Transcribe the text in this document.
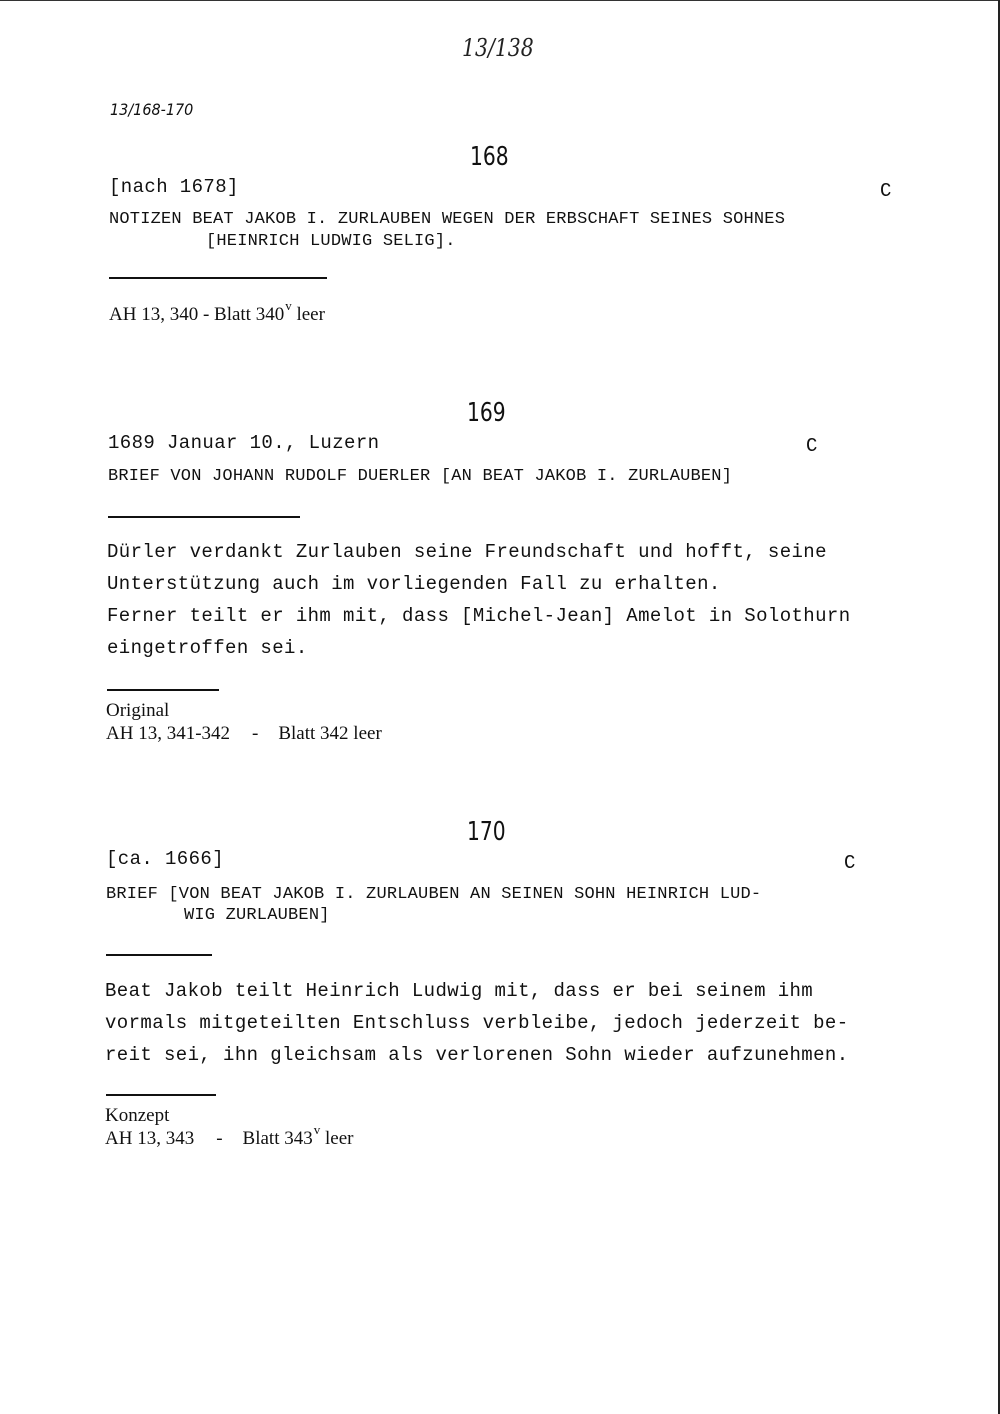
13/138
13/168-170
168
[nach 1678]	C
NOTIZEN BEAT JAKOB I. ZURLAUBEN WEGEN DER ERBSCHAFT SEINES SOHNES
[HEINRICH LUDWIG SELIG].
AH 13, 340 - Blatt 340$^v$ leer
169
1689 Januar 10., Luzern	C
BRIEF VON JOHANN RUDOLF DUERLER [AN BEAT JAKOB I. ZURLAUBEN]
Dürler verdankt Zurlauben seine Freundschaft und hofft, seine
Unterstützung auch im vorliegenden Fall zu erhalten.
Ferner teilt er ihm mit, dass [Michel-Jean] Amelot in Solothurn
eingetroffen sei.
Original
AH 13, 341-342 - Blatt 342 leer
170
[ca. 1666]	C
BRIEF [VON BEAT JAKOB I. ZURLAUBEN AN SEINEN SOHN HEINRICH LUD-
WIG ZURLAUBEN]
Beat Jakob teilt Heinrich Ludwig mit, dass er bei seinem ihm
vormals mitgeteilten Entschluss verbleibe, jedoch jederzeit be-
reit sei, ihn gleichsam als verlorenen Sohn wieder aufzunehmen.
Konzept
AH 13, 343 - Blatt 343$^v$ leer
